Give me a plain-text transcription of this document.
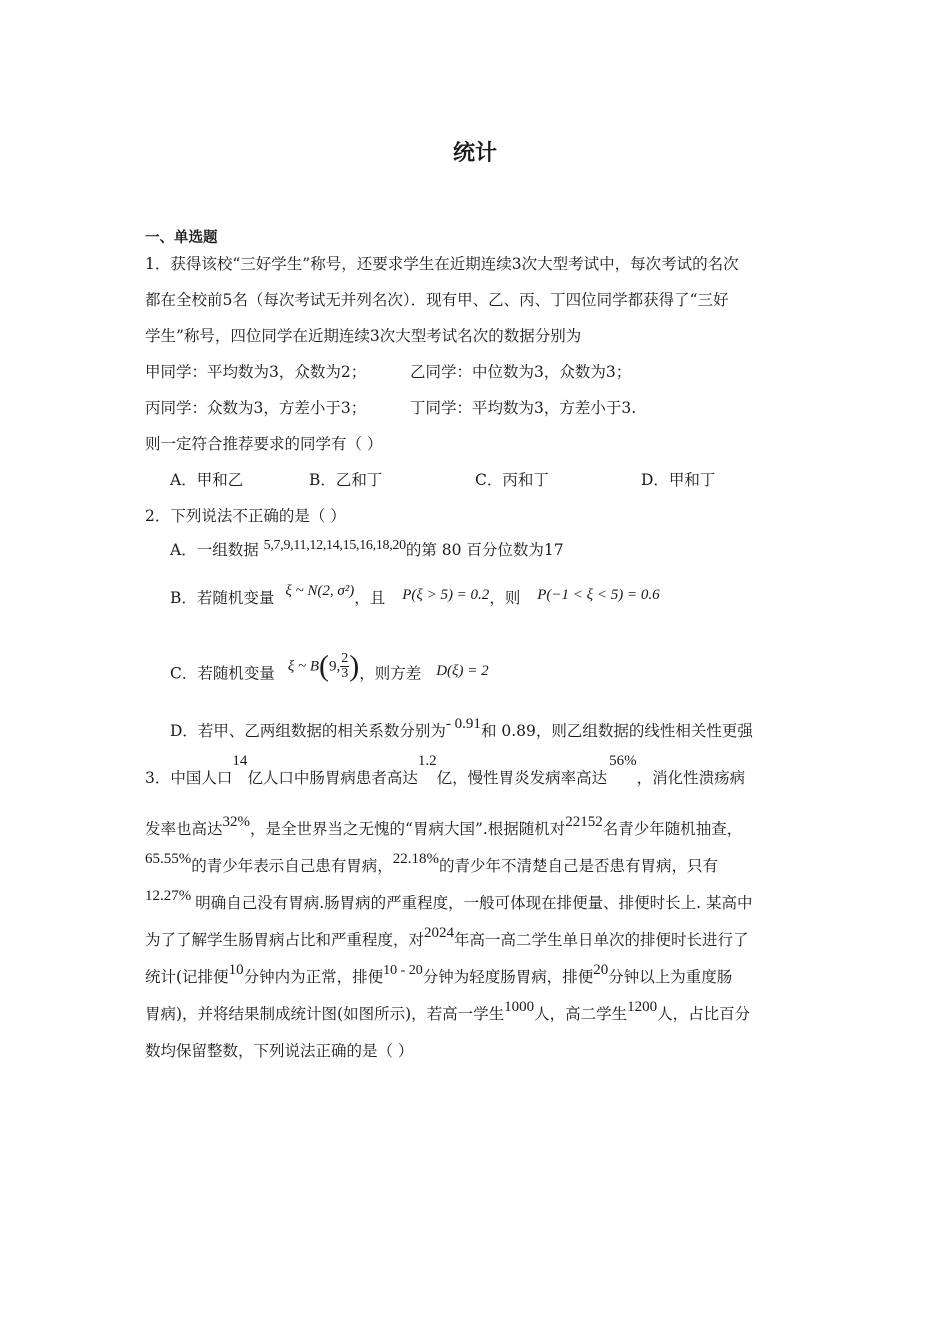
统计
一、单选题
1．获得该校“三好学生”称号，还要求学生在近期连续3次大型考试中，每次考试的名次
都在全校前5名（每次考试无并列名次）．现有甲、乙、丙、丁四位同学都获得了“三好
学生”称号，四位同学在近期连续3次大型考试名次的数据分别为
甲同学：平均数为3，众数为2；	乙同学：中位数为3，众数为3；
丙同学：众数为3，方差小于3；	丁同学：平均数为3，方差小于3.
则一定符合推荐要求的同学有（ ）
A．甲和乙	B．乙和丁	C．丙和丁	D．甲和丁
2．下列说法不正确的是（ ）
A．一组数据 5,7,9,11,12,14,15,16,18,20的第 80 百分位数为17
B．若随机变量 ξ ~ N(2, σ²)，且 P(ξ > 5) = 0.2，则 P(−1 < ξ < 5) = 0.6
C．若随机变量 ξ ~ B(9, $\frac{2}{3}$ )，则方差 D(ξ) = 2
D．若甲、乙两组数据的相关系数分别为- 0.91和 0.89，则乙组数据的线性相关性更强
3．中国人口14亿人口中肠胃病患者高达1.2亿，慢性胃炎发病率高达56%，消化性溃疡病
发率也高达32%，是全世界当之无愧的“胃病大国”.根据随机对22152名青少年随机抽查，
65.55%的青少年表示自己患有胃病，22.18%的青少年不清楚自己是否患有胃病，只有
12.27% 明确自己没有胃病.肠胃病的严重程度，一般可体现在排便量、排便时长上. 某高中
为了了解学生肠胃病占比和严重程度，对2024年高一高二学生单日单次的排便时长进行了
统计(记排便10分钟内为正常，排便10 - 20分钟为轻度肠胃病，排便20分钟以上为重度肠
胃病)，并将结果制成统计图(如图所示)，若高一学生1000人，高二学生1200人，占比百分
数均保留整数，下列说法正确的是（ ）
